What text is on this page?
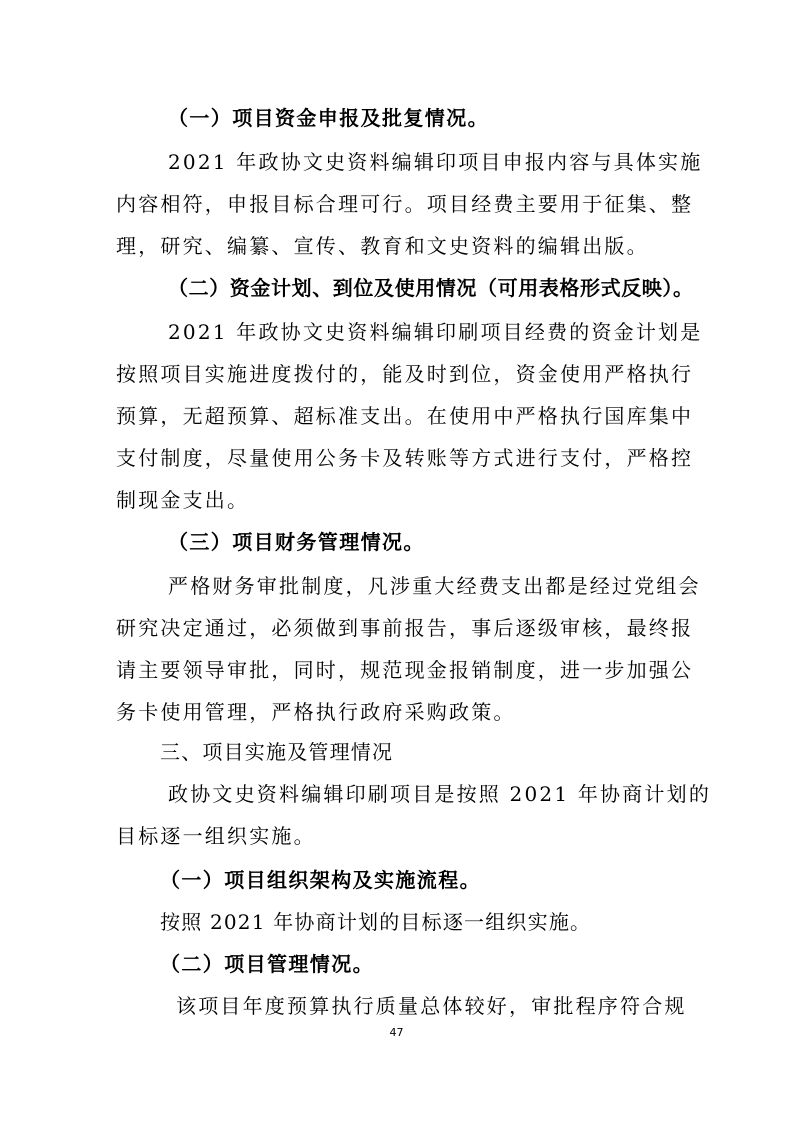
（一）项目资金申报及批复情况。
2021 年政协文史资料编辑印项目申报内容与具体实施
内容相符，申报目标合理可行。项目经费主要用于征集、整
理，研究、编纂、宣传、教育和文史资料的编辑出版。
（二）资金计划、到位及使用情况（可用表格形式反映）。
2021 年政协文史资料编辑印刷项目经费的资金计划是
按照项目实施进度拨付的，能及时到位，资金使用严格执行
预算，无超预算、超标准支出。在使用中严格执行国库集中
支付制度，尽量使用公务卡及转账等方式进行支付，严格控
制现金支出。
（三）项目财务管理情况。
严格财务审批制度，凡涉重大经费支出都是经过党组会
研究决定通过，必须做到事前报告，事后逐级审核，最终报
请主要领导审批，同时，规范现金报销制度，进一步加强公
务卡使用管理，严格执行政府采购政策。
三、项目实施及管理情况
政协文史资料编辑印刷项目是按照 2021 年协商计划的
目标逐一组织实施。
（一）项目组织架构及实施流程。
按照 2021 年协商计划的目标逐一组织实施。
（二）项目管理情况。
该项目年度预算执行质量总体较好，审批程序符合规
47
